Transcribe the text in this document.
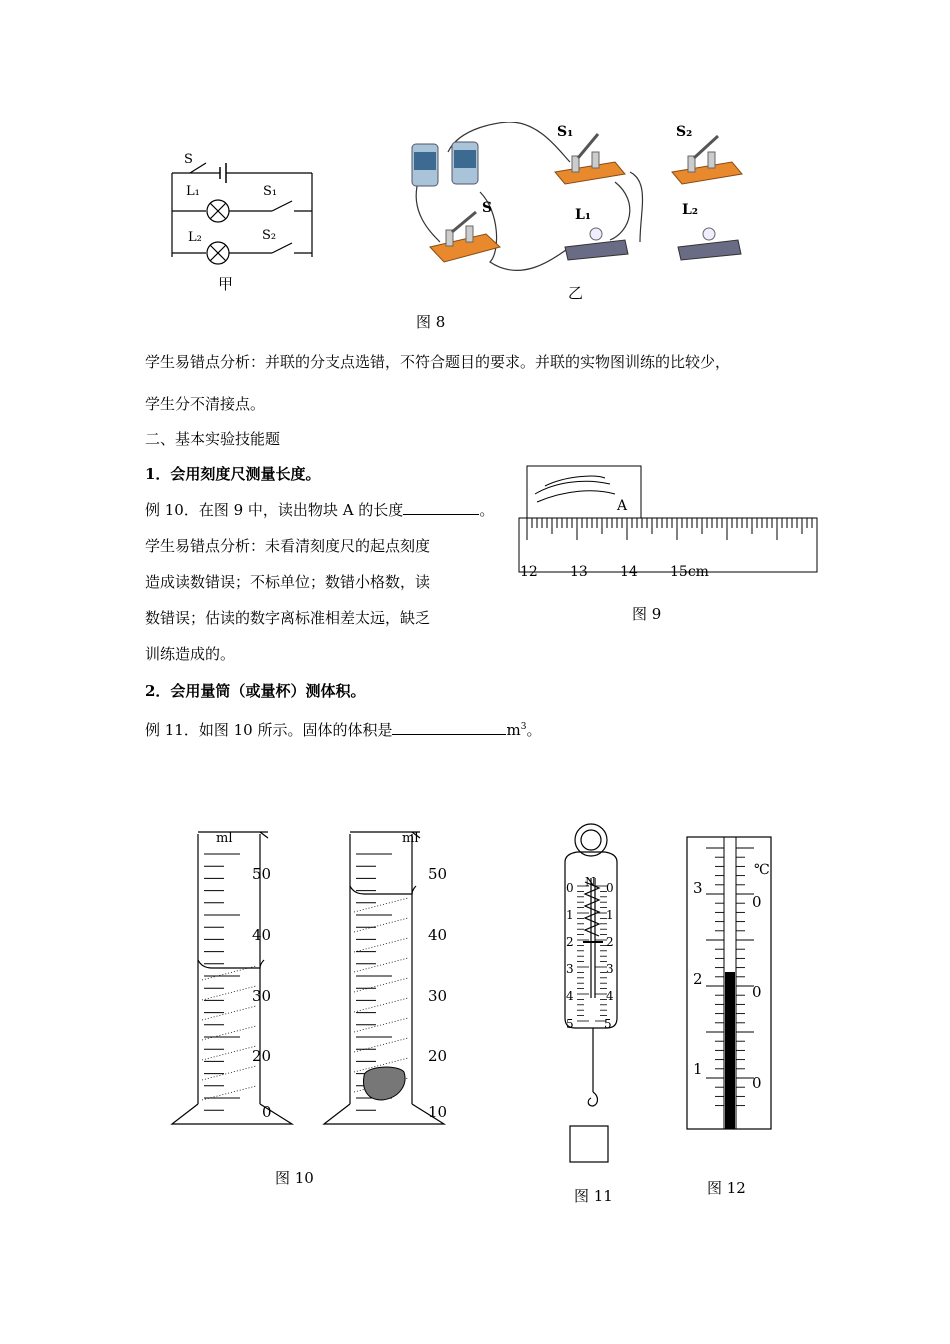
S
L₁	S₁
L₂	S₂
甲
S
S₁	S₂
L₁	L₂
乙
图 8
学生易错点分析：并联的分支点选错，不符合题目的要求。并联的实物图训练的比较少，
学生分不清接点。
二、基本实验技能题
1．会用刻度尺测量长度。
例 10．在图 9 中，读出物块 A 的长度	。
学生易错点分析：未看清刻度尺的起点刻度
造成读数错误；不标单位；数错小格数，读
数错误；估读的数字离标准相差太远，缺乏
训练造成的。
2．会用量筒（或量杯）测体积。
例 11．如图 10 所示。固体的体积是	$m^3$。
A
12 13 14 15cm
图 9
ml	ml
50
40
30
20
0
50
40
30
20
10
图 10
N
0
1
2
3
4
5
0
1
2
3
4
5
图 11
3
2
1
℃
0
0
0
图 12
